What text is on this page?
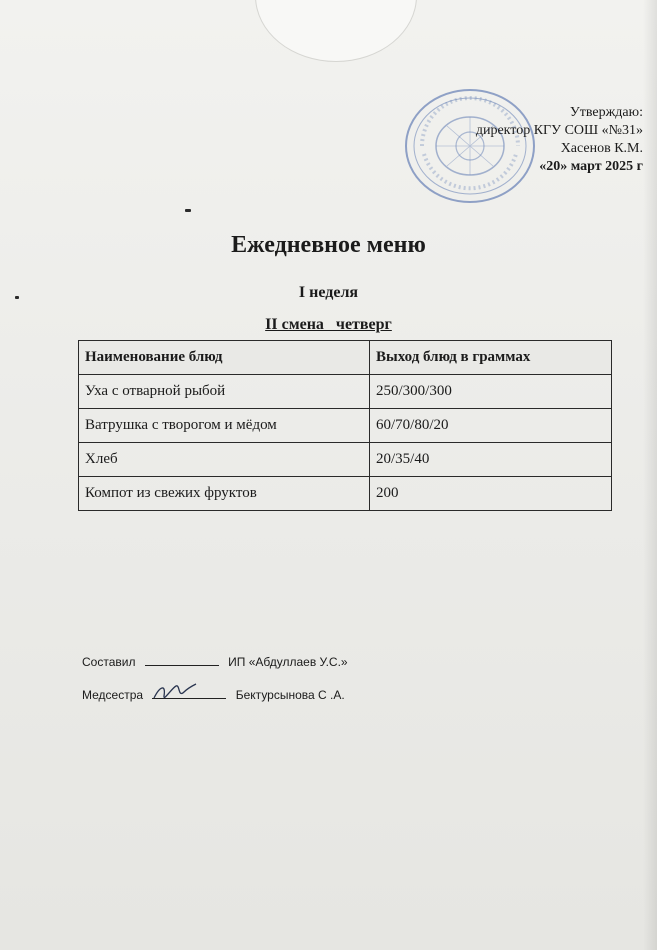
Утверждаю:
директор КГУ СОШ «№31»
Хасенов К.М.
«20» март 2025 г
Ежедневное меню
I неделя
II смена   четверг
Наименование блюд	Выход блюд в граммах
Уха с отварной рыбой	250/300/300
Ватрушка с творогом и мёдом	60/70/80/20
Хлеб	20/35/40
Компот из свежих фруктов	200
Составил	ИП «Абдуллаев У.С.»
Медсестра	Бектурсынова С .А.
